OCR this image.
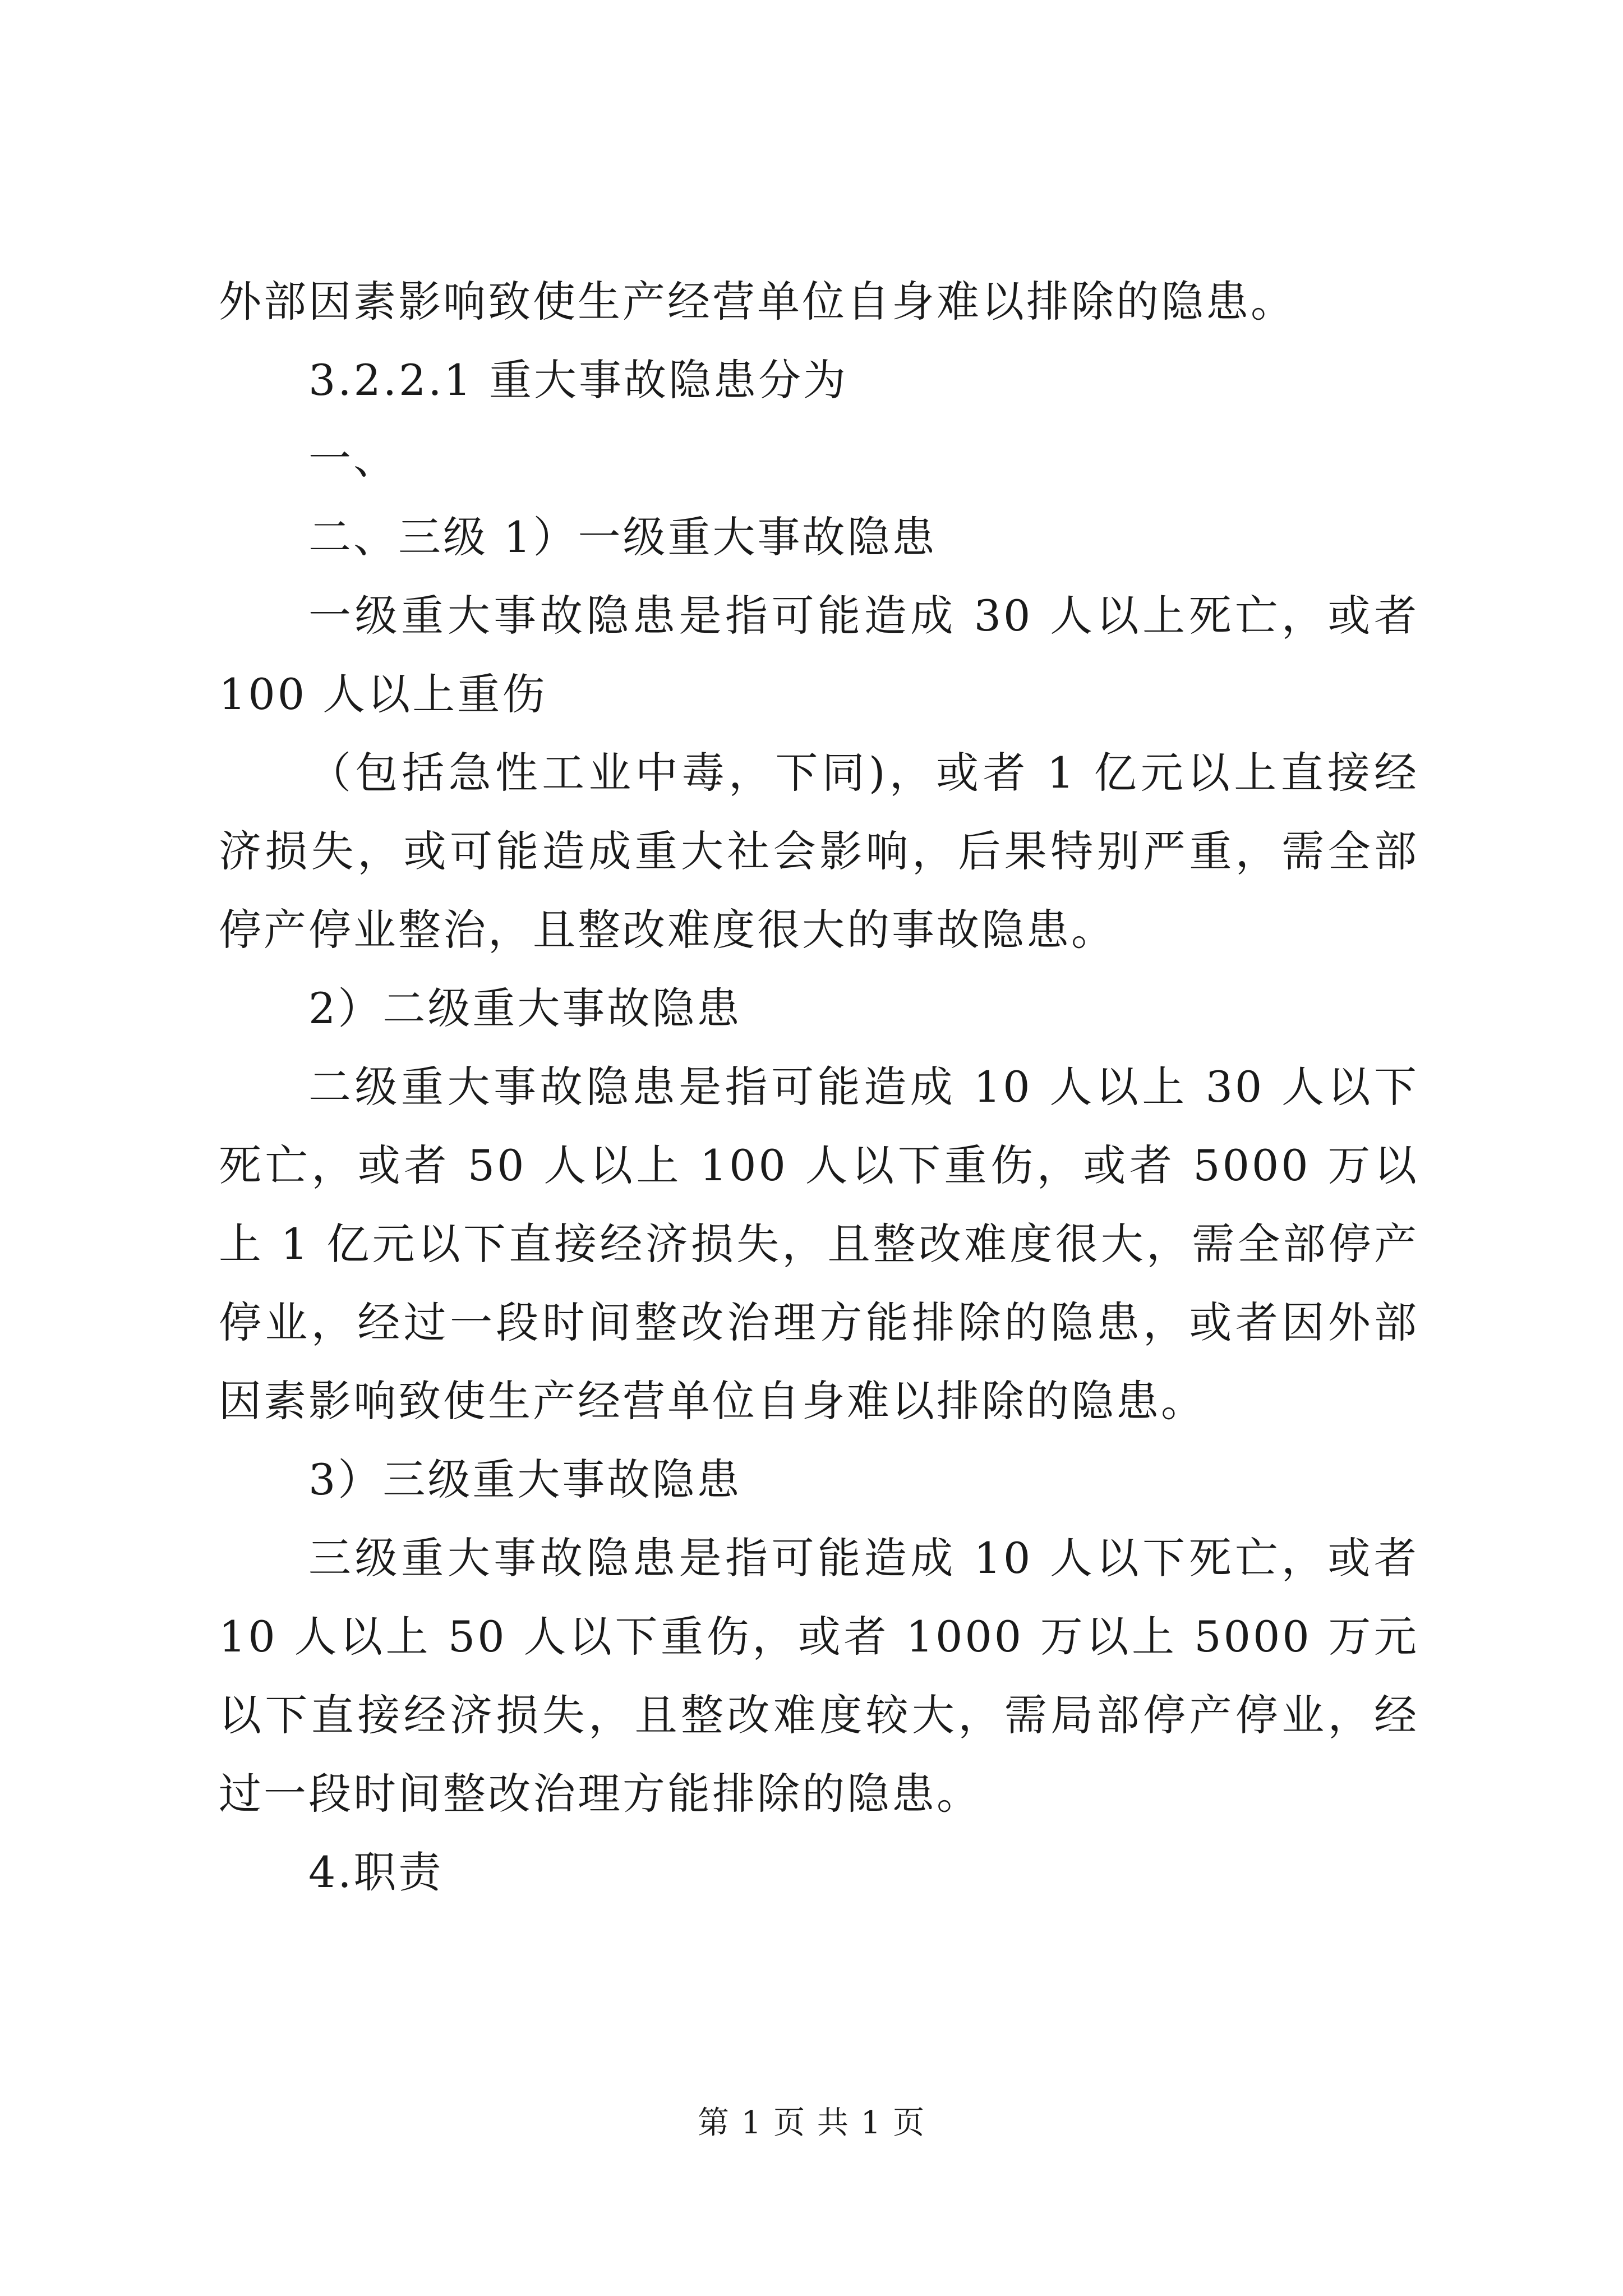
外部因素影响致使生产经营单位自身难以排除的隐患。

3.2.2.1 重大事故隐患分为

一、

二、三级 1）一级重大事故隐患

一级重大事故隐患是指可能造成 30 人以上死亡，或者 100 人以上重伤

（包括急性工业中毒，下同)，或者 1 亿元以上直接经济损失，或可能造成重大社会影响，后果特别严重，需全部停产停业整治，且整改难度很大的事故隐患。

2）二级重大事故隐患

二级重大事故隐患是指可能造成 10 人以上 30 人以下死亡，或者 50 人以上 100 人以下重伤，或者 5000 万以上 1 亿元以下直接经济损失，且整改难度很大，需全部停产停业，经过一段时间整改治理方能排除的隐患，或者因外部因素影响致使生产经营单位自身难以排除的隐患。

3）三级重大事故隐患

三级重大事故隐患是指可能造成 10 人以下死亡，或者 10 人以上 50 人以下重伤，或者 1000 万以上 5000 万元以下直接经济损失，且整改难度较大，需局部停产停业，经过一段时间整改治理方能排除的隐患。

4.职责

第 1 页 共 1 页
